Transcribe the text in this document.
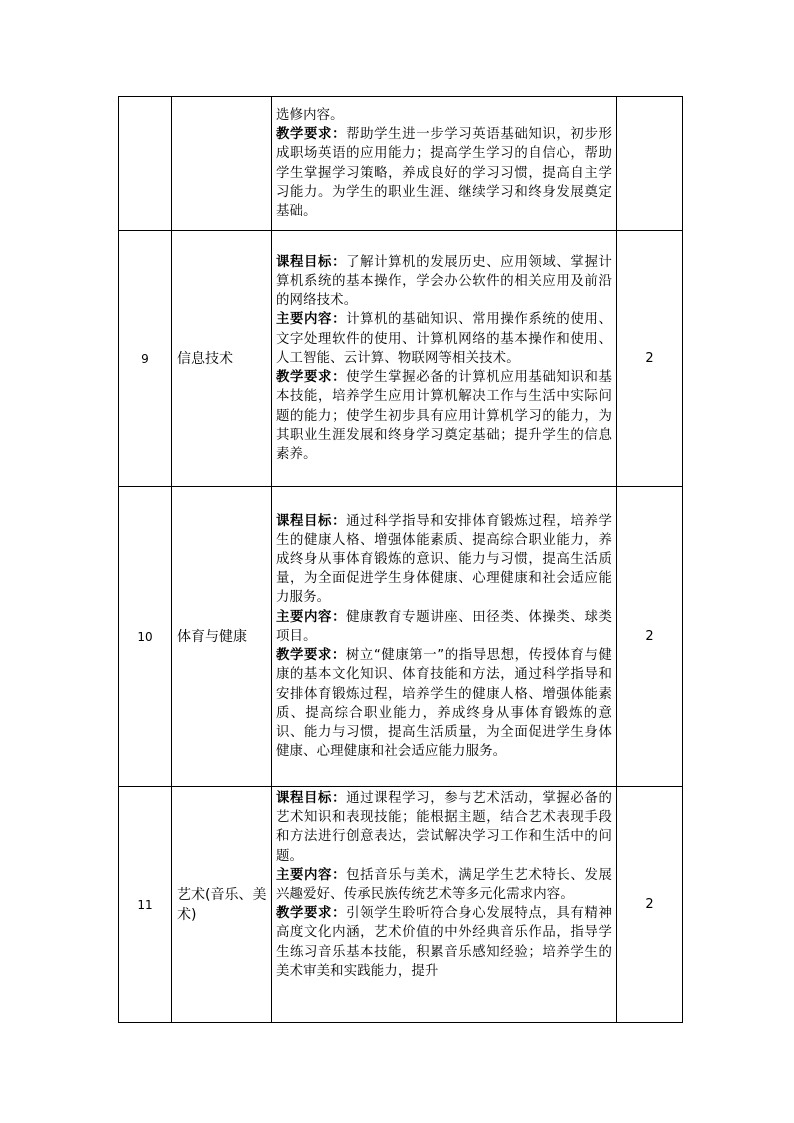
		选修内容。

教学要求：帮助学生进一步学习英语基础知识，初步形成职场英语的应用能力；提高学生学习的自信心，帮助学生掌握学习策略，养成良好的学习习惯，提高自主学习能力。为学生的职业生涯、继续学习和终身发展奠定基础。	

9	信息技术	课程目标：了解计算机的发展历史、应用领域、掌握计算机系统的基本操作，学会办公软件的相关应用及前沿的网络技术。

主要内容：计算机的基础知识、常用操作系统的使用、文字处理软件的使用、计算机网络的基本操作和使用、人工智能、云计算、物联网等相关技术。

教学要求：使学生掌握必备的计算机应用基础知识和基本技能，培养学生应用计算机解决工作与生活中实际问题的能力；使学生初步具有应用计算机学习的能力，为其职业生涯发展和终身学习奠定基础；提升学生的信息素养。	2
10	体育与健康	课程目标：通过科学指导和安排体育锻炼过程，培养学生的健康人格、增强体能素质、提高综合职业能力，养成终身从事体育锻炼的意识、能力与习惯，提高生活质量，为全面促进学生身体健康、心理健康和社会适应能力服务。

主要内容：健康教育专题讲座、田径类、体操类、球类项目。

教学要求：树立“健康第一”的指导思想，传授体育与健康的基本文化知识、体育技能和方法，通过科学指导和安排体育锻炼过程，培养学生的健康人格、增强体能素质、提高综合职业能力，养成终身从事体育锻炼的意识、能力与习惯，提高生活质量，为全面促进学生身体健康、心理健康和社会适应能力服务。	2
11	艺术(音乐、美术)	课程目标：通过课程学习，参与艺术活动，掌握必备的艺术知识和表现技能；能根据主题，结合艺术表现手段和方法进行创意表达，尝试解决学习工作和生活中的问题。

主要内容：包括音乐与美术，满足学生艺术特长、发展兴趣爱好、传承民族传统艺术等多元化需求内容。

教学要求：引领学生聆听符合身心发展特点，具有精神高度文化内涵，艺术价值的中外经典音乐作品，指导学生练习音乐基本技能，积累音乐感知经验；培养学生的美术审美和实践能力，提升	2
